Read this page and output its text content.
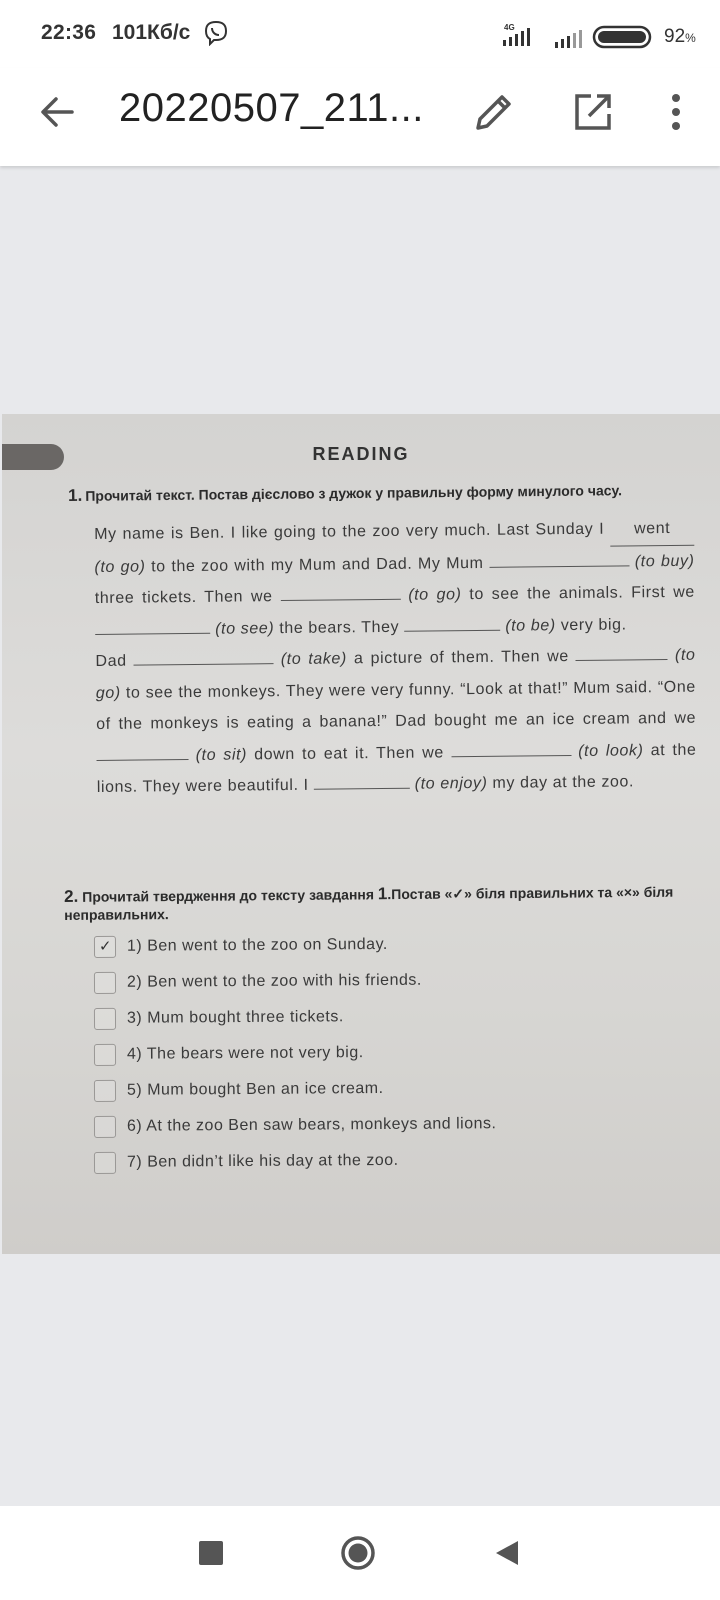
22:36 101Кб/с	4G	92%
20220507_211...
READING
1. Прочитай текст. Постав дієслово з дужок у правильну форму минулого часу.
My name is Ben. I like going to the zoo very much. Last Sunday I went (to go) to the zoo with my Mum and Dad. My Mum	(to buy) three tickets. Then we	(to go) to see the animals. First we  (to see) the bears. They	(to be) very big.
Dad	(to take) a picture of them. Then we	(to go) to see the monkeys. They were very funny. “Look at that!” Mum said. “One of the monkeys is eating a banana!” Dad bought me an ice cream and we  (to sit) down to eat it. Then we	(to look) at the lions. They were beautiful. I	(to enjoy) my day at the zoo.
2. Прочитай твердження до тексту завдання 1.Постав «✓» біля правильних та «×» біля неправильних.
✓ 1) Ben went to the zoo on Sunday.
2) Ben went to the zoo with his friends.
3) Mum bought three tickets.
4) The bears were not very big.
5) Mum bought Ben an ice cream.
6) At the zoo Ben saw bears, monkeys and lions.
7) Ben didn’t like his day at the zoo.
